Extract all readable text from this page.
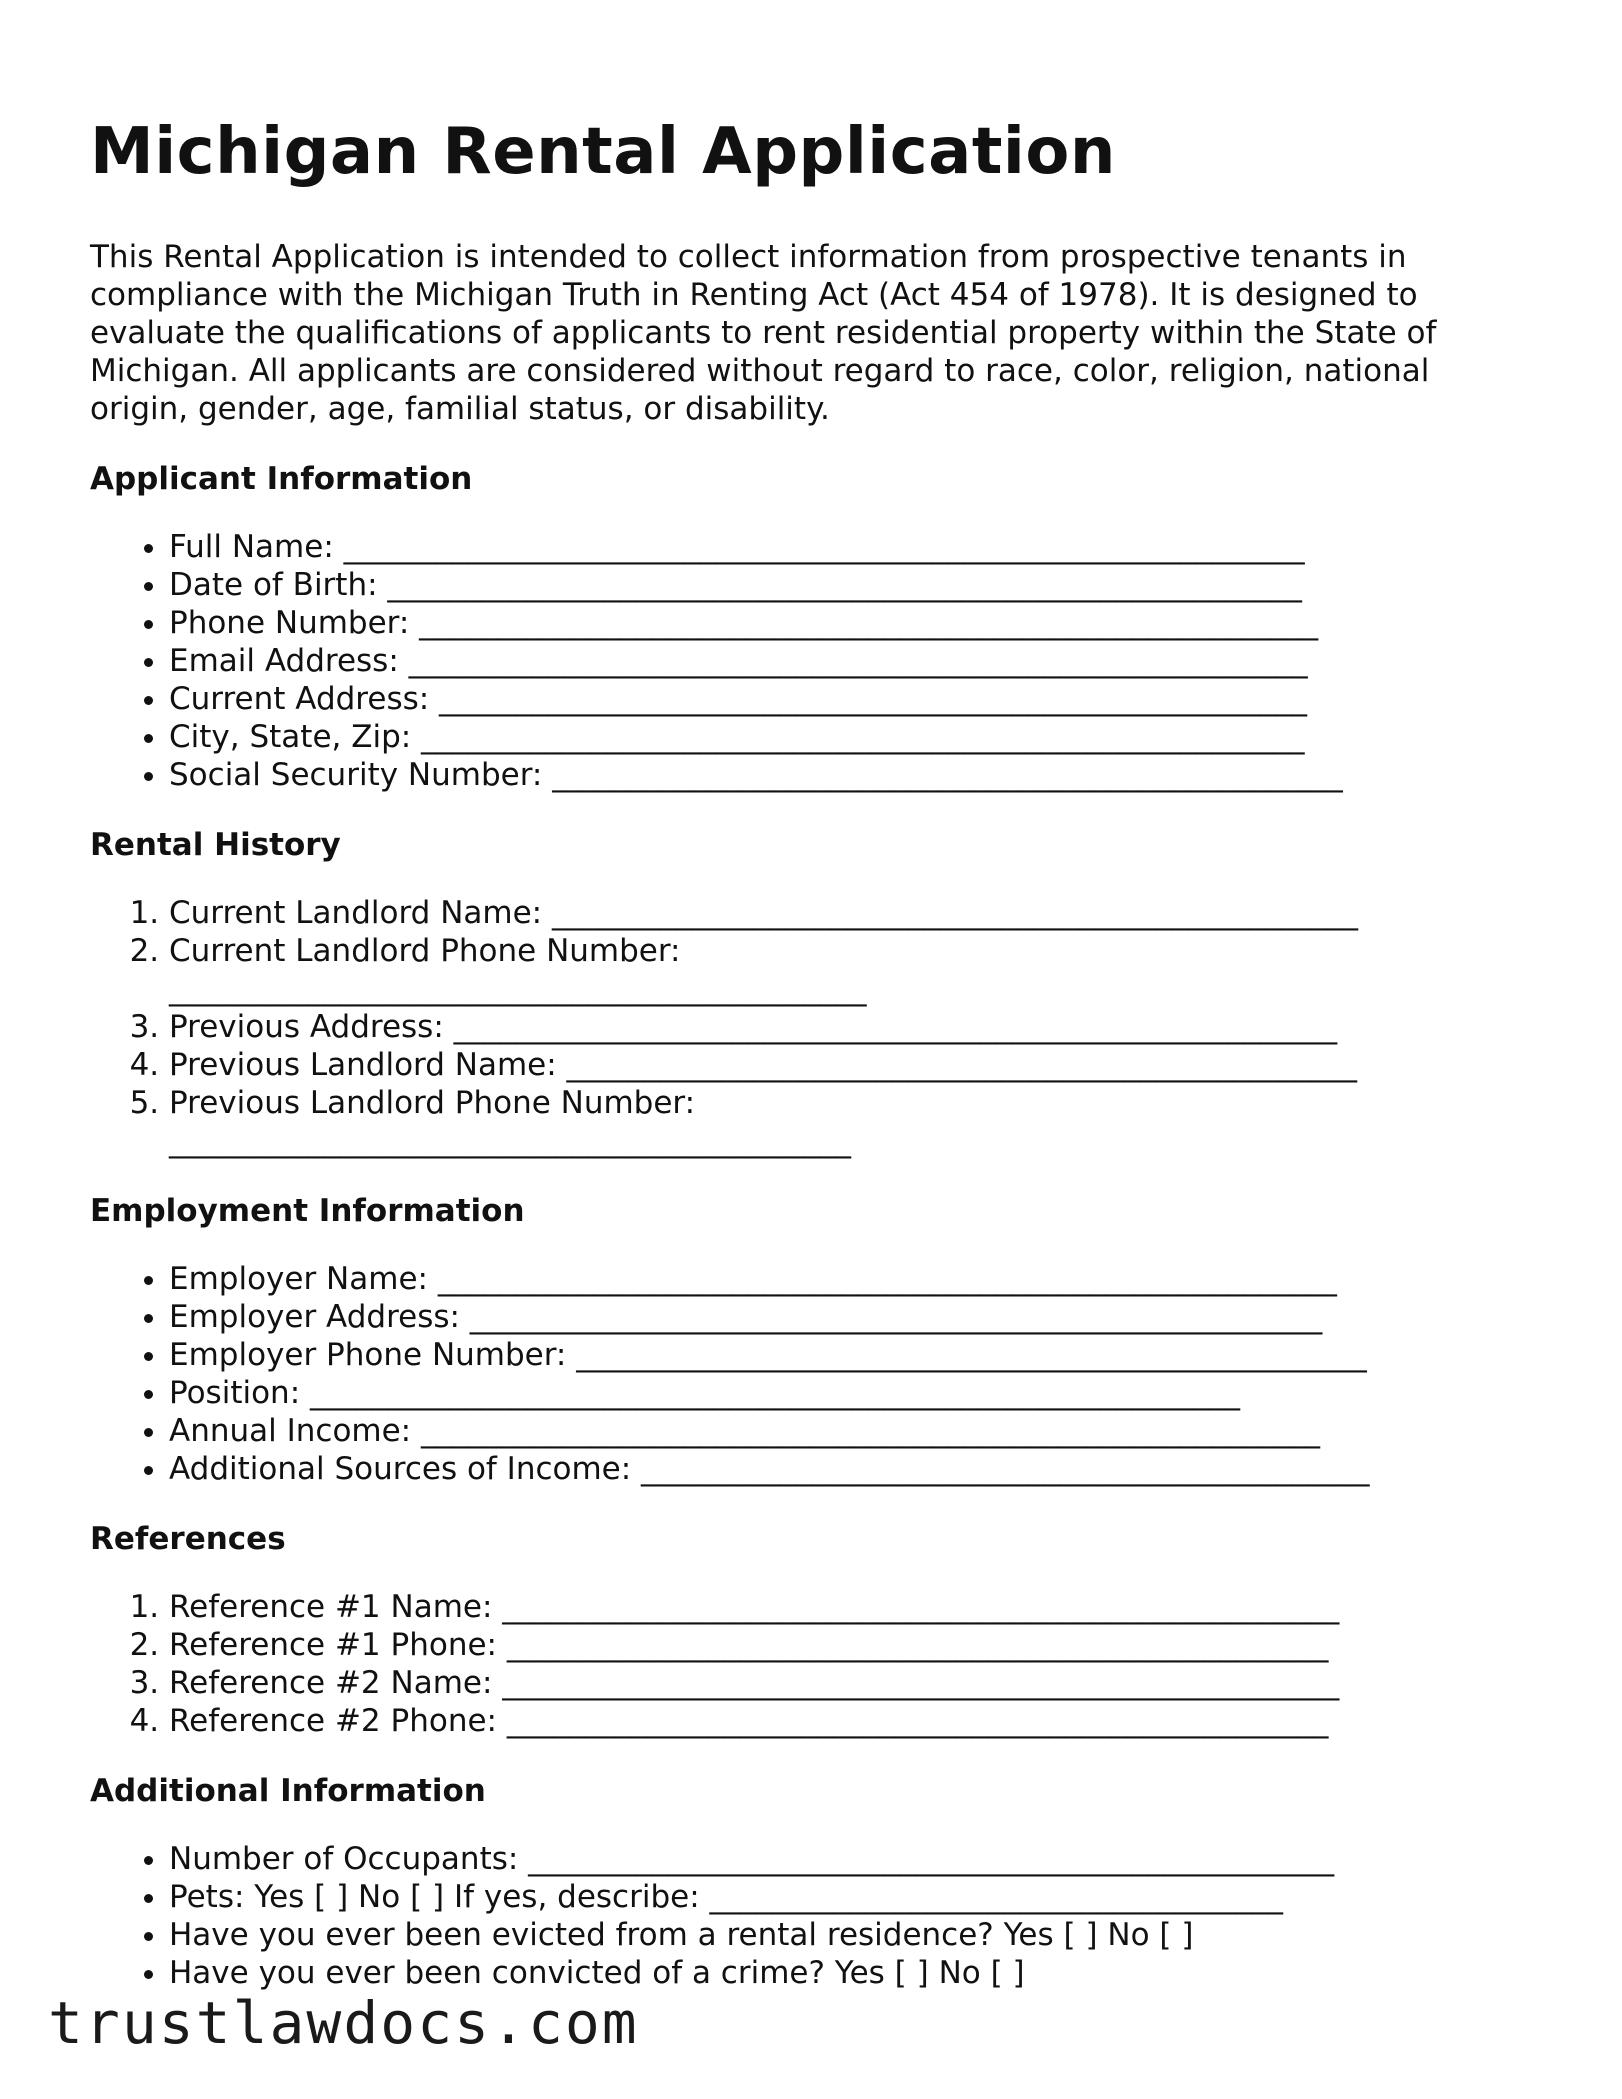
Michigan Rental Application

This Rental Application is intended to collect information from prospective tenants in compliance with the Michigan Truth in Renting Act (Act 454 of 1978). It is designed to evaluate the qualifications of applicants to rent residential property within the State of Michigan. All applicants are considered without regard to race, color, religion, national origin, gender, age, familial status, or disability.

Applicant Information
• Full Name: ______________________________________________________________
• Date of Birth: ___________________________________________________________
• Phone Number: __________________________________________________________
• Email Address: __________________________________________________________
• Current Address: ________________________________________________________
• City, State, Zip: _________________________________________________________
• Social Security Number: ___________________________________________________
Rental History
1. Current Landlord Name: ____________________________________________________
2. Current Landlord Phone Number:
_____________________________________________
3. Previous Address: _________________________________________________________
4. Previous Landlord Name: ___________________________________________________
5. Previous Landlord Phone Number:
____________________________________________
Employment Information
• Employer Name: __________________________________________________________
• Employer Address: _______________________________________________________
• Employer Phone Number: ___________________________________________________
• Position: ____________________________________________________________
• Annual Income: __________________________________________________________
• Additional Sources of Income: _______________________________________________
References
1. Reference #1 Name: ______________________________________________________
2. Reference #1 Phone: _____________________________________________________
3. Reference #2 Name: ______________________________________________________
4. Reference #2 Phone: _____________________________________________________
Additional Information
• Number of Occupants: ____________________________________________________
• Pets: Yes [ ] No [ ] If yes, describe: _____________________________________
• Have you ever been evicted from a rental residence? Yes [ ] No [ ]
• Have you ever been convicted of a crime? Yes [ ] No [ ]
trustlawdocs.com
